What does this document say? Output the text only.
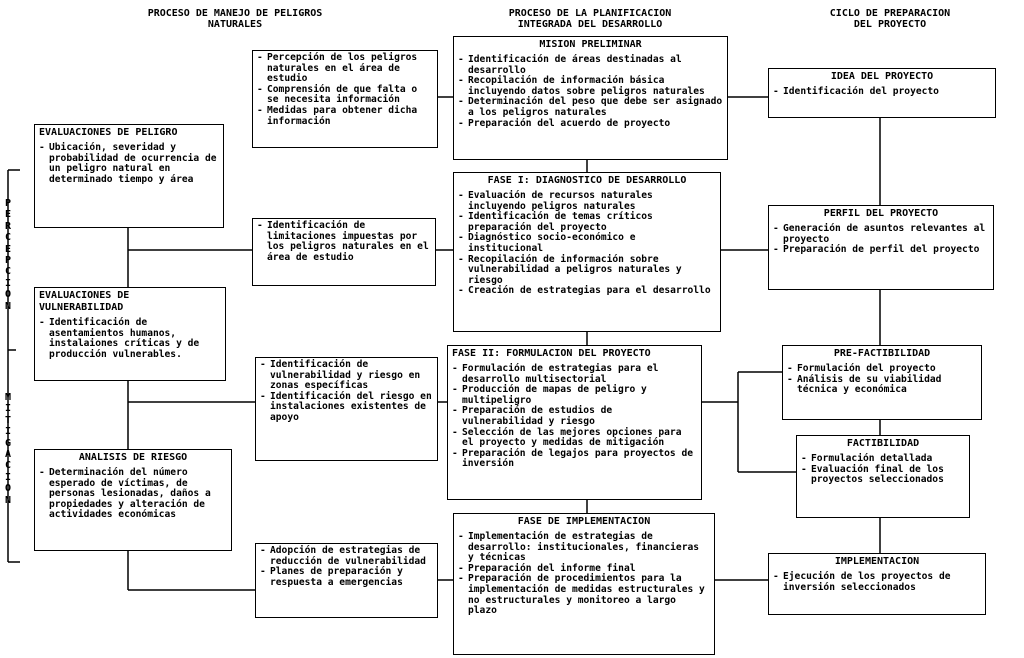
PROCESO DE MANEJO DE PELIGROS
NATURALES
PROCESO DE LA PLANIFICACION
INTEGRADA DEL DESARROLLO
CICLO DE PREPARACION
DEL PROYECTO
PERCEPCION
MITIGACION
EVALUACIONES DE PELIGRO
- Ubicación, severidad y probabilidad de ocurrencia de un peligro natural en determinado tiempo y área
EVALUACIONES DE
VULNERABILIDAD
- Identificación de asentamientos humanos, instalaiones críticas y de producción vulnerables.
ANALISIS DE RIESGO
- Determinación del número esperado de víctimas, de personas lesionadas, daños a propiedades y alteración de actividades económicas
- Percepción de los peligros naturales en el área de estudio
- Comprensión de que falta o se necesita información
- Medidas para obtener dicha información
- Identificación de limitaciones impuestas por los peligros naturales en el área de estudio
- Identificación de vulnerabilidad y riesgo en zonas específicas
- Identificación del riesgo en instalaciones existentes de apoyo
- Adopción de estrategias de reducción de vulnerabilidad
- Planes de preparación y respuesta a emergencias
MISION PRELIMINAR
- Identificación de áreas destinadas al desarrollo
- Recopilación de información básica incluyendo datos sobre peligros naturales
- Determinación del peso que debe ser asignado a los peligros naturales
- Preparación del acuerdo de proyecto
FASE I: DIAGNOSTICO DE DESARROLLO
- Evaluación de recursos naturales incluyendo peligros naturales
- Identificación de temas críticos preparación del proyecto
- Diagnóstico socio-económico e institucional
- Recopilación de información sobre vulnerabilidad a peligros naturales y riesgo
- Creación de estrategias para el desarrollo
FASE II: FORMULACION DEL PROYECTO
- Formulación de estrategias para el desarrollo multisectorial
- Producción de mapas de peligro y multipeligro
- Preparación de estudios de vulnerabilidad y riesgo
- Selección de las mejores opciones para el proyecto y medidas de mitigación
- Preparación de legajos para proyectos de inversión
FASE DE IMPLEMENTACION
- Implementación de estrategias de desarrollo: institucionales, financieras y técnicas
- Preparación del informe final
- Preparación de procedimientos para la implementación de medidas estructurales y no estructurales y monitoreo a largo plazo
IDEA DEL PROYECTO
- Identificación del proyecto
PERFIL DEL PROYECTO
- Generación de asuntos relevantes al proyecto
- Preparación de perfil del proyecto
PRE-FACTIBILIDAD
- Formulación del proyecto
- Análisis de su viabilidad técnica y económica
FACTIBILIDAD
- Formulación detallada
- Evaluación final de los proyectos seleccionados
IMPLEMENTACION
- Ejecución de los proyectos de inversión seleccionados
